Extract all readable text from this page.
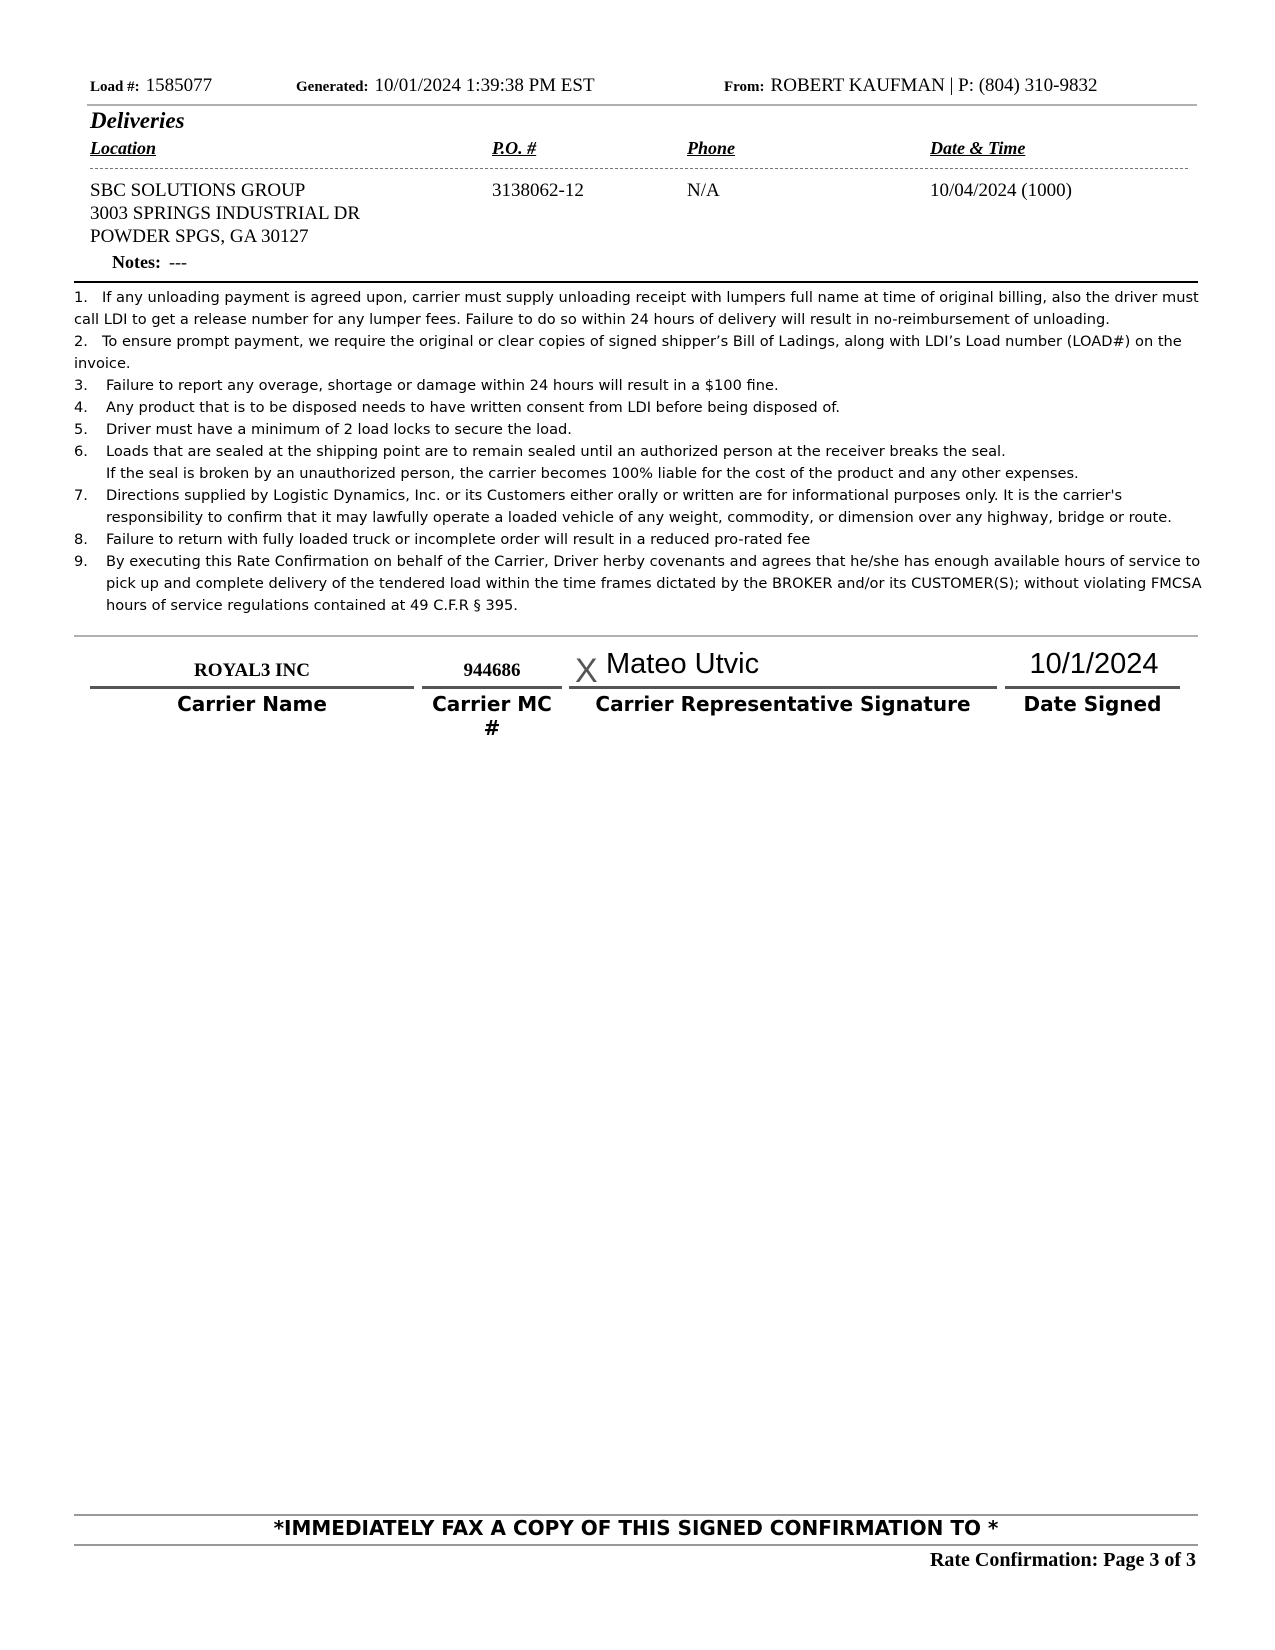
Load #: 1585077	Generated: 10/01/2024 1:39:38 PM EST	From: ROBERT KAUFMAN | P: (804) 310-9832
Deliveries
Location	P.O. #	Phone	Date & Time
SBC SOLUTIONS GROUP
3003 SPRINGS INDUSTRIAL DR
POWDER SPGS, GA 30127
3138062-12	N/A	10/04/2024 (1000)
Notes: ---
1. If any unloading payment is agreed upon, carrier must supply unloading receipt with lumpers full name at time of original billing, also the driver must call LDI to get a release number for any lumper fees. Failure to do so within 24 hours of delivery will result in no-reimbursement of unloading.
2. To ensure prompt payment, we require the original or clear copies of signed shipper’s Bill of Ladings, along with LDI’s Load number (LOAD#) on the invoice.
3. Failure to report any overage, shortage or damage within 24 hours will result in a $100 fine.
4. Any product that is to be disposed needs to have written consent from LDI before being disposed of.
5. Driver must have a minimum of 2 load locks to secure the load.
6. Loads that are sealed at the shipping point are to remain sealed until an authorized person at the receiver breaks the seal.
If the seal is broken by an unauthorized person, the carrier becomes 100% liable for the cost of the product and any other expenses.
7. Directions supplied by Logistic Dynamics, Inc. or its Customers either orally or written are for informational purposes only. It is the carrier's responsibility to confirm that it may lawfully operate a loaded vehicle of any weight, commodity, or dimension over any highway, bridge or route.
8. Failure to return with fully loaded truck or incomplete order will result in a reduced pro-rated fee
9. By executing this Rate Confirmation on behalf of the Carrier, Driver herby covenants and agrees that he/she has enough available hours of service to pick up and complete delivery of the tendered load within the time frames dictated by the BROKER and/or its CUSTOMER(S); without violating FMCSA hours of service regulations contained at 49 C.F.R § 395.
ROYAL3 INC
Carrier Name
944686
Carrier MC #
X Mateo Utvic
Carrier Representative Signature
10/1/2024
Date Signed
*IMMEDIATELY FAX A COPY OF THIS SIGNED CONFIRMATION TO *
Rate Confirmation: Page 3 of 3
